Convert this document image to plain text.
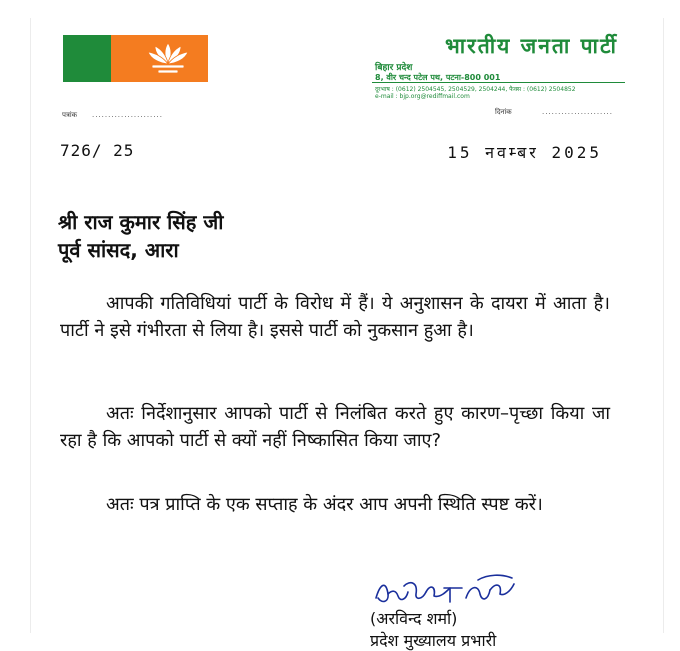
भारतीय जनता पार्टी
बिहार प्रदेश
8, वीर चन्द पटेल पथ, पटना-800 001
दूरभाष : (0612) 2504545, 2504529, 2504244, फैक्स : (0612) 2504852
e-mail : bjp.org@rediffmail.com
पत्रांक ......................	दिनांक	......................
726/ 25	15 नवम्बर 2025
श्री राज कुमार सिंह जी
पूर्व सांसद, आरा

आपकी गतिविधियां पार्टी के विरोध में हैं। ये अनुशासन के दायरा में आता है। पार्टी ने इसे गंभीरता से लिया है। इससे पार्टी को नुकसान हुआ है।

अतः निर्देशानुसार आपको पार्टी से निलंबित करते हुए कारण–पृच्छा किया जा रहा है कि आपको पार्टी से क्यों नहीं निष्कासित किया जाए?

अतः पत्र प्राप्ति के एक सप्ताह के अंदर आप अपनी स्थिति स्पष्ट करें।

(अरविन्द शर्मा)
प्रदेश मुख्यालय प्रभारी
